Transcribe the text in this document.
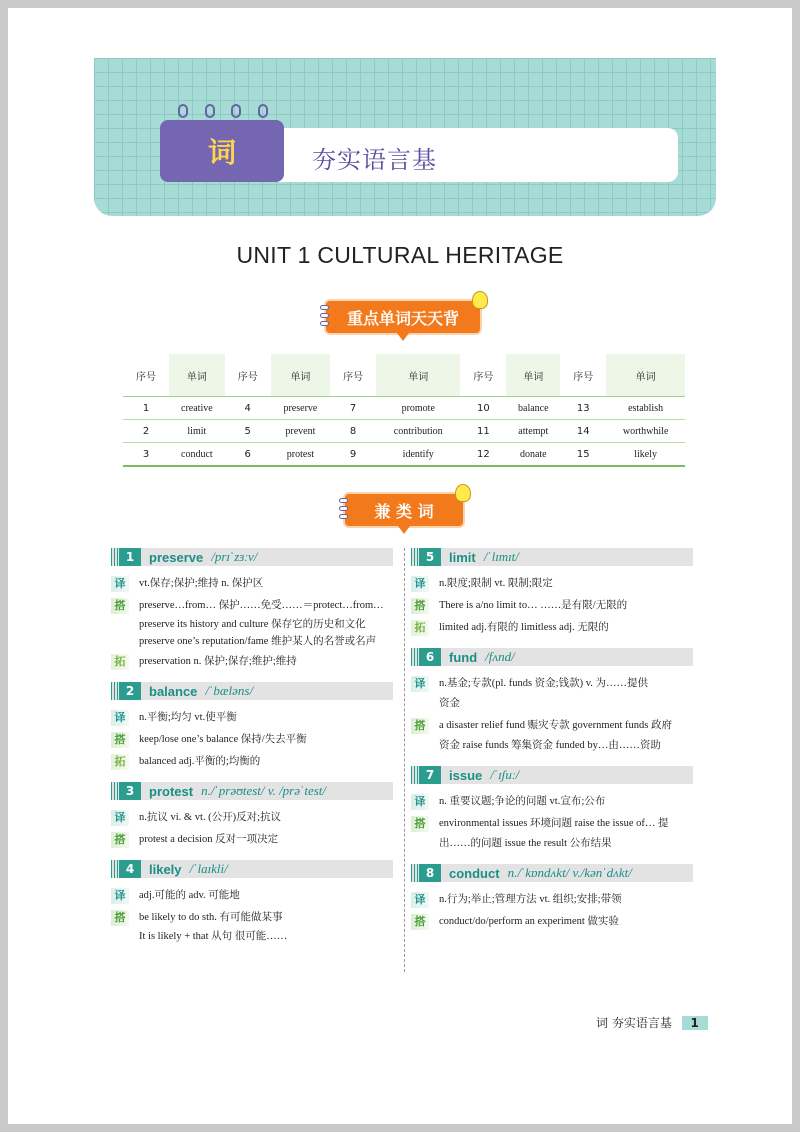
词	夯实语言基
UNIT 1 CULTURAL HERITAGE
重点单词天天背
序号	单词	序号	单词	序号	单词	序号	单词	序号	单词
1	creative	4	preserve	7	promote	10	balance	13	establish
2	limit	5	prevent	8	contribution	11	attempt	14	worthwhile
3	conduct	6	protest	9	identify	12	donate	15	likely
兼 类 词
1	preserve /prɪˈzɜːv/
译	vt.保存;保护;维持 n. 保护区
搭	preserve…from… 保护……免受……＝protect…from…
preserve its history and culture 保存它的历史和文化
preserve one’s reputation/fame 维护某人的名誉或名声
拓	preservation n. 保护;保存;维护;维持
2	balance /ˈbæləns/
译	n.平衡;均匀 vt.使平衡
搭	keep/lose one’s balance 保持/失去平衡
拓	balanced adj.平衡的;均衡的
3	protest n./ˈprəʊtest/ v. /prəˈtest/
译	n.抗议 vi. & vt. (公开)反对;抗议
搭	protest a decision 反对一项决定
4	likely /ˈlaɪkli/
译	adj.可能的 adv. 可能地
搭	be likely to do sth. 有可能做某事
It is likely + that 从句 很可能……
5	limit /ˈlɪmɪt/
译	n.限度;限制 vt. 限制;限定
搭	There is a/no limit to… ……是有限/无限的
拓	limited adj.有限的 limitless adj. 无限的
6	fund /fʌnd/
译	n.基金;专款(pl. funds 资金;钱款) v. 为……提供
资金
搭	a disaster relief fund 赈灾专款 government funds 政府
资金 raise funds 筹集资金 funded by…由……资助
7	issue /ˈɪʃuː/
译	n. 重要议题;争论的问题 vt.宣布;公布
搭	environmental issues 环境问题 raise the issue of… 提
出……的问题 issue the result 公布结果
8	conduct n./ˈkɒndʌkt/ v./kənˈdʌkt/
译	n.行为;举止;管理方法 vt. 组织;安排;带领
搭	conduct/do/perform an experiment 做实验
词 夯实语言基 1
